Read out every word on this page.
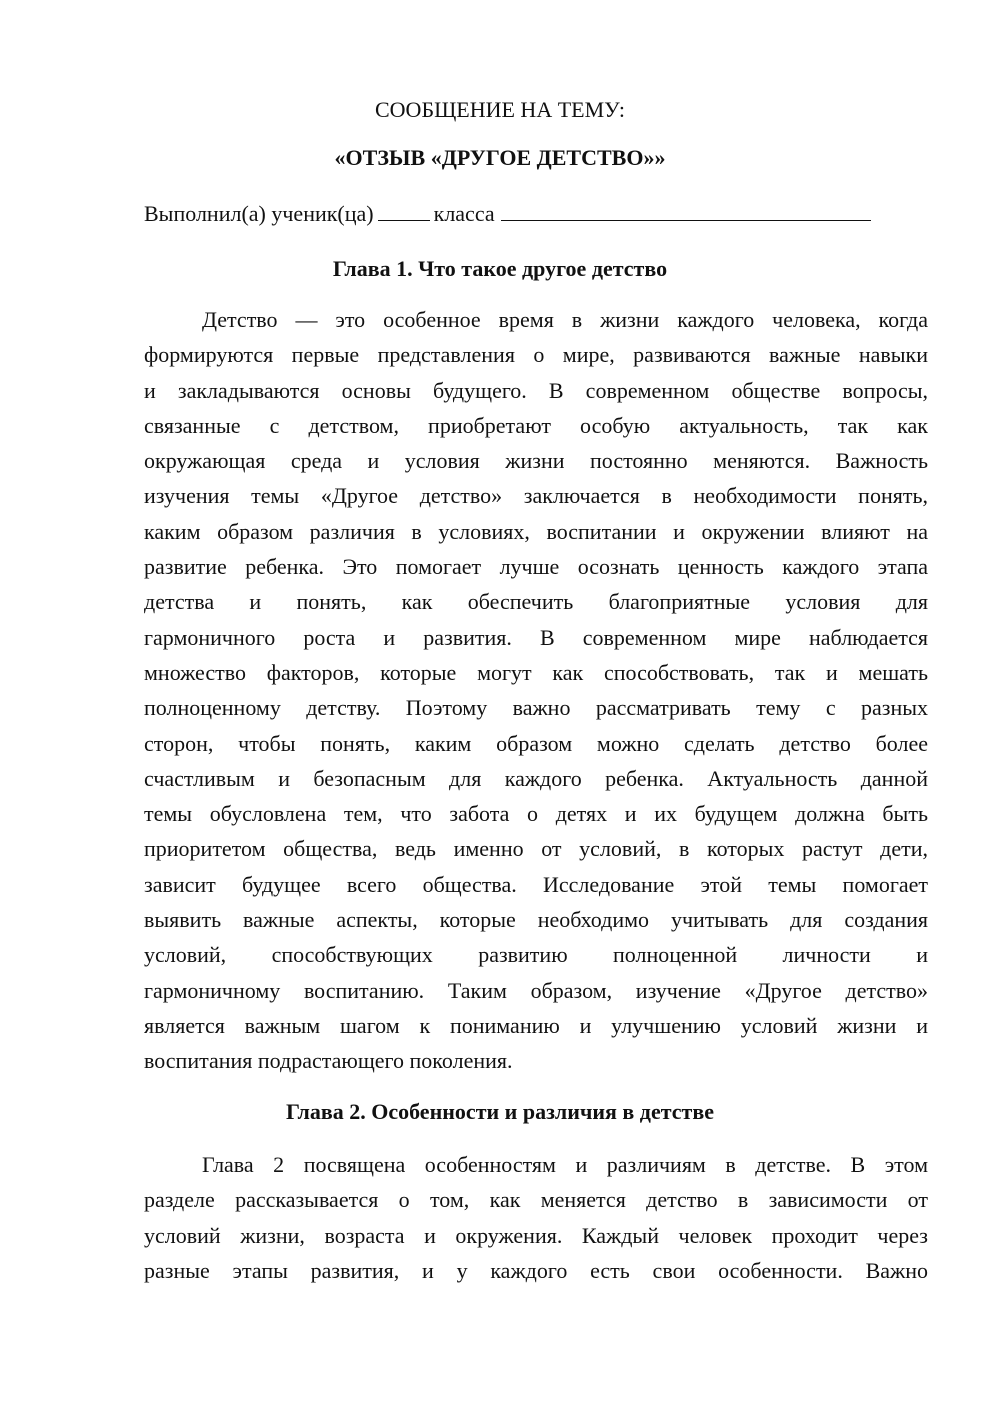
СООБЩЕНИЕ НА ТЕМУ:
«ОТЗЫВ «ДРУГОЕ ДЕТСТВО»»
Выполнил(а) ученик(ца)	класса
Глава 1. Что такое другое детство
Детство — это особенное время в жизни каждого человека, когда
формируются первые представления о мире, развиваются важные навыки
и закладываются основы будущего. В современном обществе вопросы,
связанные с детством, приобретают особую актуальность, так как
окружающая среда и условия жизни постоянно меняются. Важность
изучения темы «Другое детство» заключается в необходимости понять,
каким образом различия в условиях, воспитании и окружении влияют на
развитие ребенка. Это помогает лучше осознать ценность каждого этапа
детства и понять, как обеспечить благоприятные условия для
гармоничного роста и развития. В современном мире наблюдается
множество факторов, которые могут как способствовать, так и мешать
полноценному детству. Поэтому важно рассматривать тему с разных
сторон, чтобы понять, каким образом можно сделать детство более
счастливым и безопасным для каждого ребенка. Актуальность данной
темы обусловлена тем, что забота о детях и их будущем должна быть
приоритетом общества, ведь именно от условий, в которых растут дети,
зависит будущее всего общества. Исследование этой темы помогает
выявить важные аспекты, которые необходимо учитывать для создания
условий, способствующих развитию полноценной личности и
гармоничному воспитанию. Таким образом, изучение «Другое детство»
является важным шагом к пониманию и улучшению условий жизни и
воспитания подрастающего поколения.
Глава 2. Особенности и различия в детстве
Глава 2 посвящена особенностям и различиям в детстве. В этом
разделе рассказывается о том, как меняется детство в зависимости от
условий жизни, возраста и окружения. Каждый человек проходит через
разные этапы развития, и у каждого есть свои особенности. Важно
